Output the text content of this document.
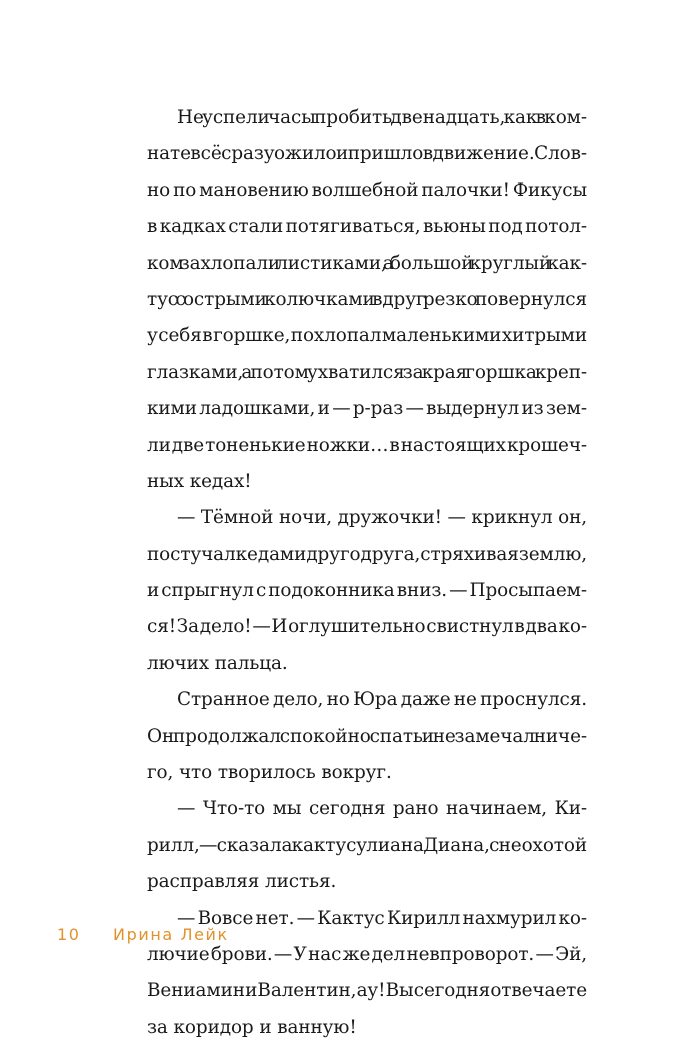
Не успели часы пробить двенадцать, как в ком-
нате всё сразу ожило и пришло в движение. Слов-
но по мановению волшебной палочки! Фикусы
в кадках стали потягиваться, вьюны под потол-
ком захлопали листиками, а большой круглый как-
тус с острыми колючками вдруг резко повернулся
у себя в горшке, похлопал маленькими хитрыми
глазками, а потом ухватился за края горшка креп-
кими ладошками, и — р-раз — выдернул из зем-
ли две тоненькие ножки… в настоящих крошеч-
ных кедах!
— Тёмной ночи, дружочки! — крикнул он,
постучал кедами друг о друга, стряхивая землю,
и спрыгнул с подоконника вниз. — Просыпаем-
ся! За дело! — И оглушительно свистнул в два ко-
лючих пальца.
Странное дело, но Юра даже не проснулся.
Он продолжал спокойно спать и не замечал ниче-
го, что творилось вокруг.
— Что-то мы сегодня рано начинаем, Ки-
рилл, — сказала кактусу лиана Диана, с неохотой
расправляя листья.
— Вовсе нет. — Кактус Кирилл нахмурил ко-
лючие брови. — У нас же дел невпроворот. — Эй,
Вениамин и Валентин, ау! Вы сегодня отвечаете
за коридор и ванную!
10 Ирина Лейк
